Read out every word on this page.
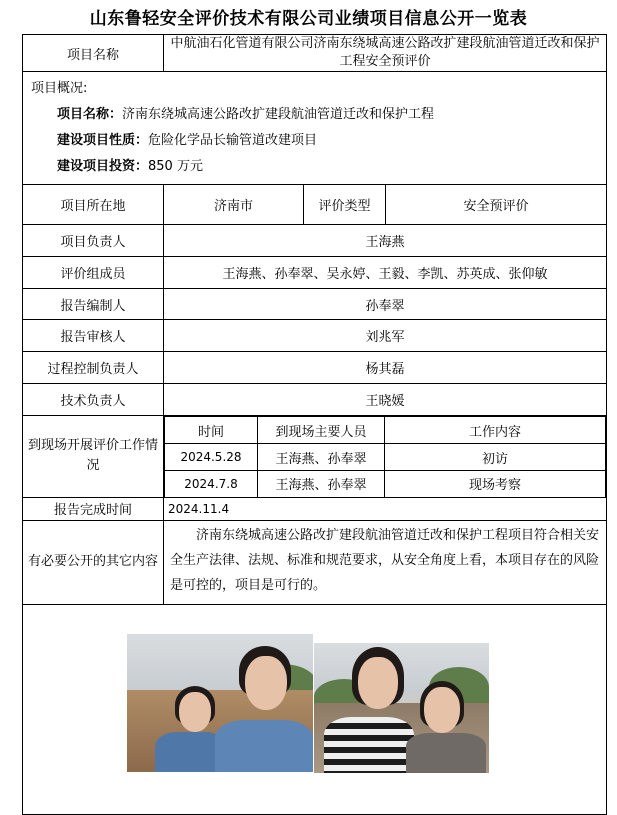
山东鲁轻安全评价技术有限公司业绩项目信息公开一览表
项目名称	中航油石化管道有限公司济南东绕城高速公路改扩建段航油管道迁改和保护工程安全预评价

项目概况:
项目名称：济南东绕城高速公路改扩建段航油管道迁改和保护工程
建设项目性质：危险化学品长输管道改建项目
建设项目投资：850 万元

项目所在地	济南市	评价类型	安全预评价
项目负责人	王海燕
评价组成员	王海燕、孙奉翠、吴永婷、王毅、李凯、苏英成、张仰敏
报告编制人	孙奉翠
报告审核人	刘兆军
过程控制负责人	杨其磊
技术负责人	王晓媛
到现场开展评价工作情况	
时间	到现场主要人员	工作内容
2024.5.28	王海燕、孙奉翠	初访
2024.7.8	王海燕、孙奉翠	现场考察

报告完成时间	2024.11.4
有必要公开的其它内容	济南东绕城高速公路改扩建段航油管道迁改和保护工程项目符合相关安全生产法律、法规、标准和规范要求，从安全角度上看，本项目存在的风险是可控的，项目是可行的。
